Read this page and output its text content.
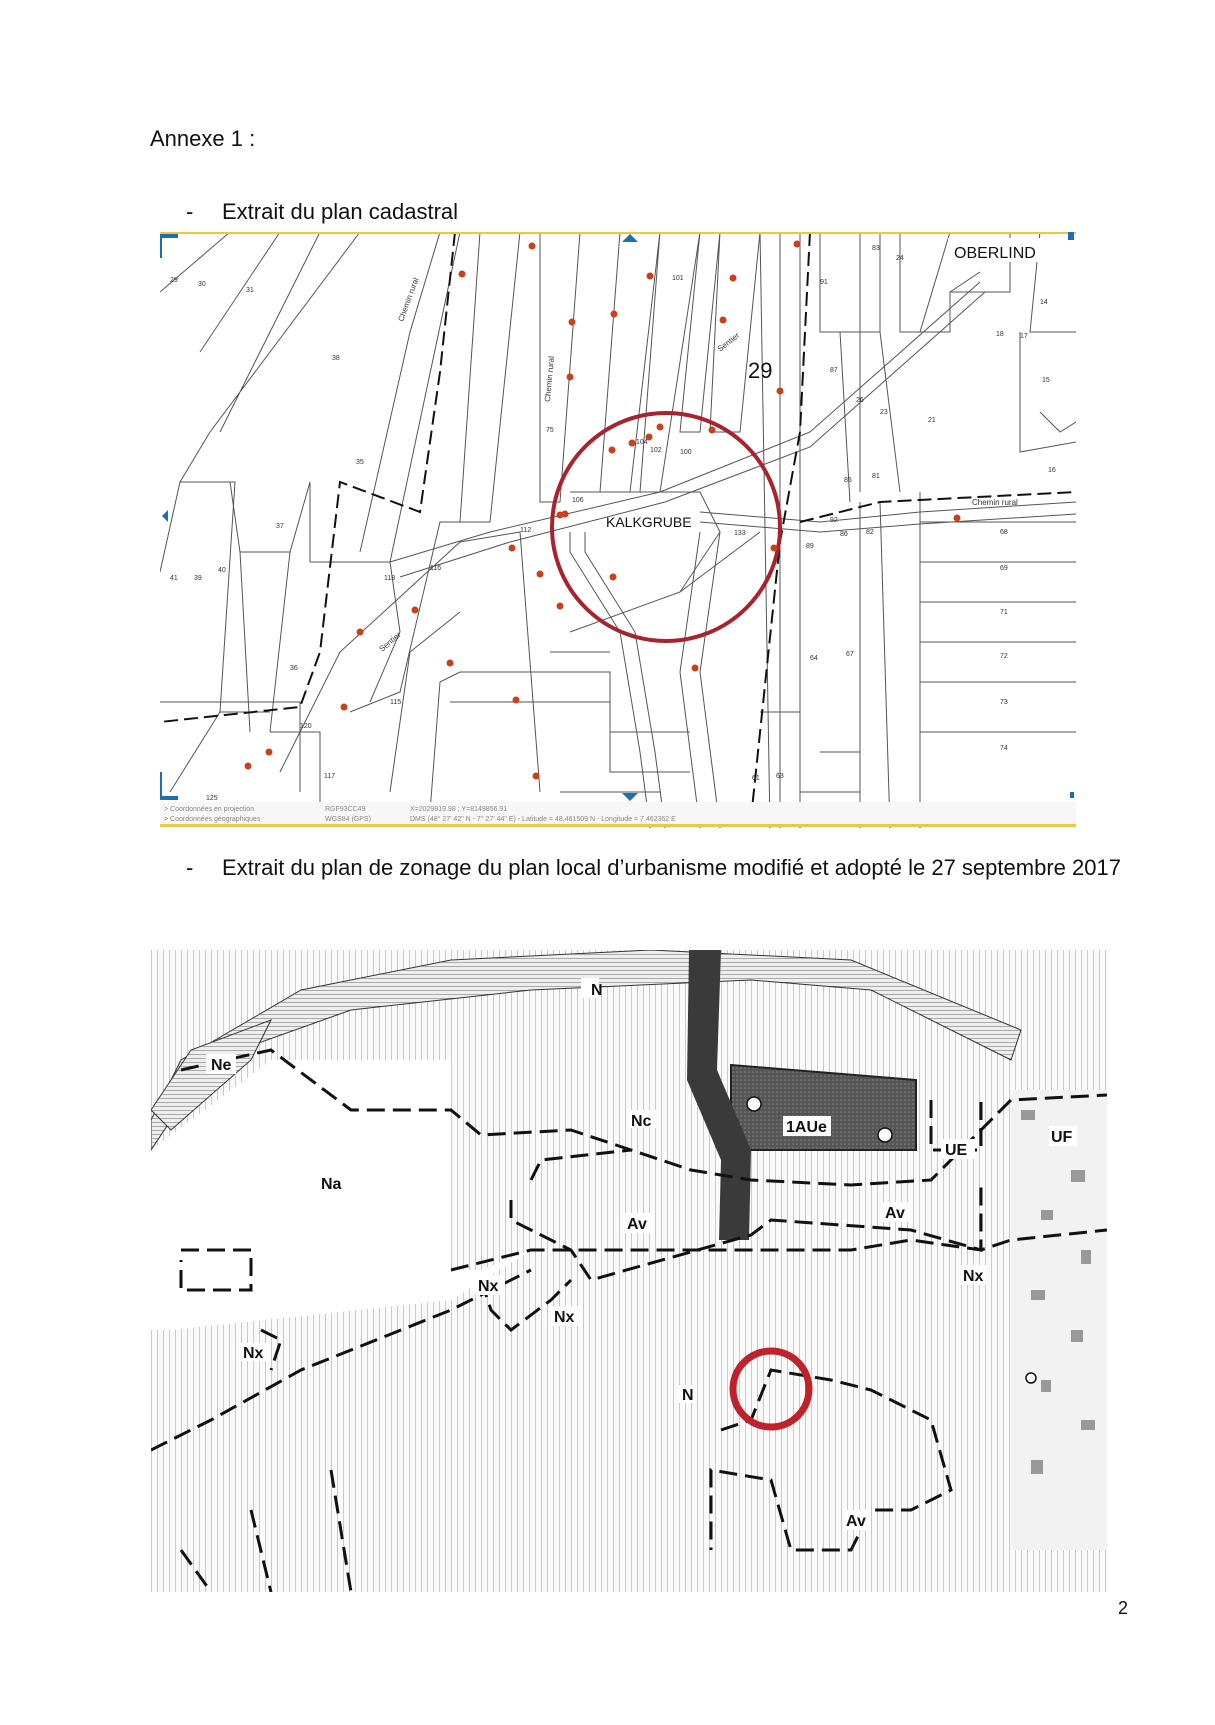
Annexe 1 :
- Extrait du plan cadastral
29
30
31
38
35
37
40
39
41
36
118
116
112
106
115
117
120
125
91
87
26
23
21
24
83
18 17
14
16
15
85
81
92
133
89
86	82	68
69
71
72
73
74
64
67
61 63
101
100
104
102
75
Chemin rural
Chemin rural
Sentier
Sentier
Chemin rural
OBERLIND
KALKGRUBE
29
> Coordonnées en projection	RGF93CC49	X=2029819.98 ; Y=8149856.91
> Coordonnées géographiques	WGS84 (GPS)	DMS (48° 27' 42" N - 7° 27' 44" E) - Latitude = 48.461509 N - Longitude = 7.462362 E
- Extrait du plan de zonage du plan local d’urbanisme modifié et adopté le 27 septembre 2017
N
Ne
Na
Nc	1AUe
UE
UF
Av
Av
Nx
Nx
Nx
Nx
N
Av
2
